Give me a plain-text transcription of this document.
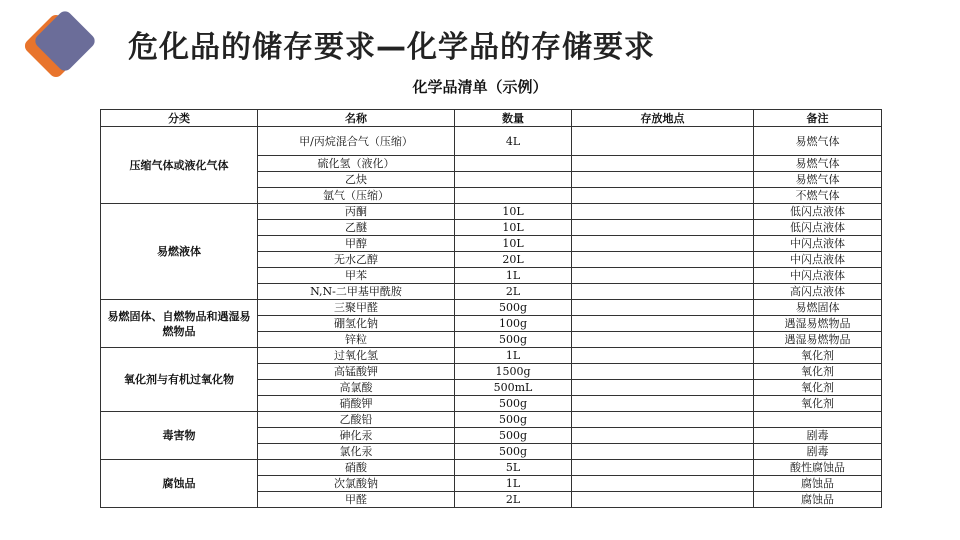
危化品的储存要求—化学品的存储要求
化学品清单（示例）
分类	名称	数量	存放地点	备注
压缩气体或液化气体	甲/丙烷混合气（压缩）	4L		易燃气体
	硫化氢（液化）			易燃气体
	乙炔			易燃气体
	氩气（压缩）			不燃气体
易燃液体	丙酮	10L		低闪点液体
	乙醚	10L		低闪点液体
	甲醇	10L		中闪点液体
	无水乙醇	20L		中闪点液体
	甲苯	1L		中闪点液体
	N,N-二甲基甲酰胺	2L		高闪点液体
易燃固体、自燃物品和遇湿易燃物品	三聚甲醛	500g		易燃固体
	硼氢化钠	100g		遇湿易燃物品
	锌粒	500g		遇湿易燃物品
氧化剂与有机过氧化物	过氧化氢	1L		氧化剂
	高锰酸钾	1500g		氧化剂
	高氯酸	500mL		氧化剂
	硝酸钾	500g		氧化剂
毒害物	乙酸铅	500g		
	砷化汞	500g		剧毒
	氯化汞	500g		剧毒
腐蚀品	硝酸	5L		酸性腐蚀品
	次氯酸钠	1L		腐蚀品
	甲醛	2L		腐蚀品
